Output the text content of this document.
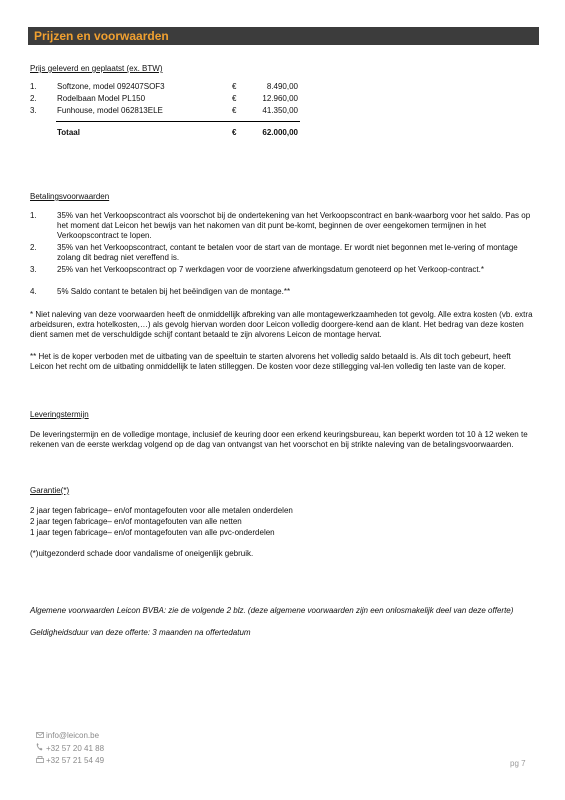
Prijzen en voorwaarden
Prijs geleverd en geplaatst (ex. BTW)
1.	Softzone, model 092407SOF3	€	8.490,00
2.	Rodelbaan Model PL150	€	12.960,00
3.	Funhouse, model 062813ELE	€	41.350,00
Totaal	€	62.000,00
Betalingsvoorwaarden
1.	35% van het Verkoopscontract als voorschot bij de ondertekening van het Verkoopscontract en bank-waarborg voor het saldo. Pas op het moment dat Leicon het bewijs van het nakomen van dit punt be-komt, beginnen de over eengekomen termijnen in het Verkoopscontract te lopen.
2.	35% van het Verkoopscontract, contant te betalen voor de start van de montage. Er wordt niet begonnen met le-vering of montage zolang dit bedrag niet vereffend is.
3.	25% van het Verkoopscontract op 7 werkdagen voor de voorziene afwerkingsdatum genoteerd op het Verkoop-contract.*
4.	5% Saldo contant te betalen bij het beëindigen van de montage.**
* Niet naleving van deze voorwaarden heeft de onmiddellijk afbreking van alle montagewerkzaamheden tot gevolg. Alle extra kosten (vb. extra arbeidsuren, extra hotelkosten,…) als gevolg hiervan worden door Leicon volledig doorgere-kend aan de klant. Het bedrag van deze kosten dient samen met de verschuldigde schijf contant betaald te zijn alvorens Leicon de montage hervat.
** Het is de koper verboden met de uitbating van de speeltuin te starten alvorens het volledig saldo betaald is. Als dit toch gebeurt, heeft Leicon het recht om de uitbating onmiddellijk te laten stilleggen. De kosten voor deze stillegging val-len volledig ten laste van de koper.
Leveringstermijn
De leveringstermijn en de volledige montage, inclusief de keuring door een erkend keuringsbureau, kan beperkt worden tot 10 à 12 weken te rekenen van de eerste werkdag volgend op de dag van ontvangst van het voorschot en bij strikte naleving van de betalingsvoorwaarden.
Garantie(*)
2 jaar tegen fabricage– en/of montagefouten voor alle metalen onderdelen
2 jaar tegen fabricage– en/of montagefouten van alle netten
1 jaar tegen fabricage– en/of montagefouten van alle pvc-onderdelen
(*)uitgezonderd schade door vandalisme of oneigenlijk gebruik.
Algemene voorwaarden Leicon BVBA: zie de volgende 2 blz. (deze algemene voorwaarden zijn een onlosmakelijk deel van deze offerte)
Geldigheidsduur van deze offerte: 3 maanden na offertedatum
info@leicon.be
+32 57 20 41 88
+32 57 21 54 49	pg 7
